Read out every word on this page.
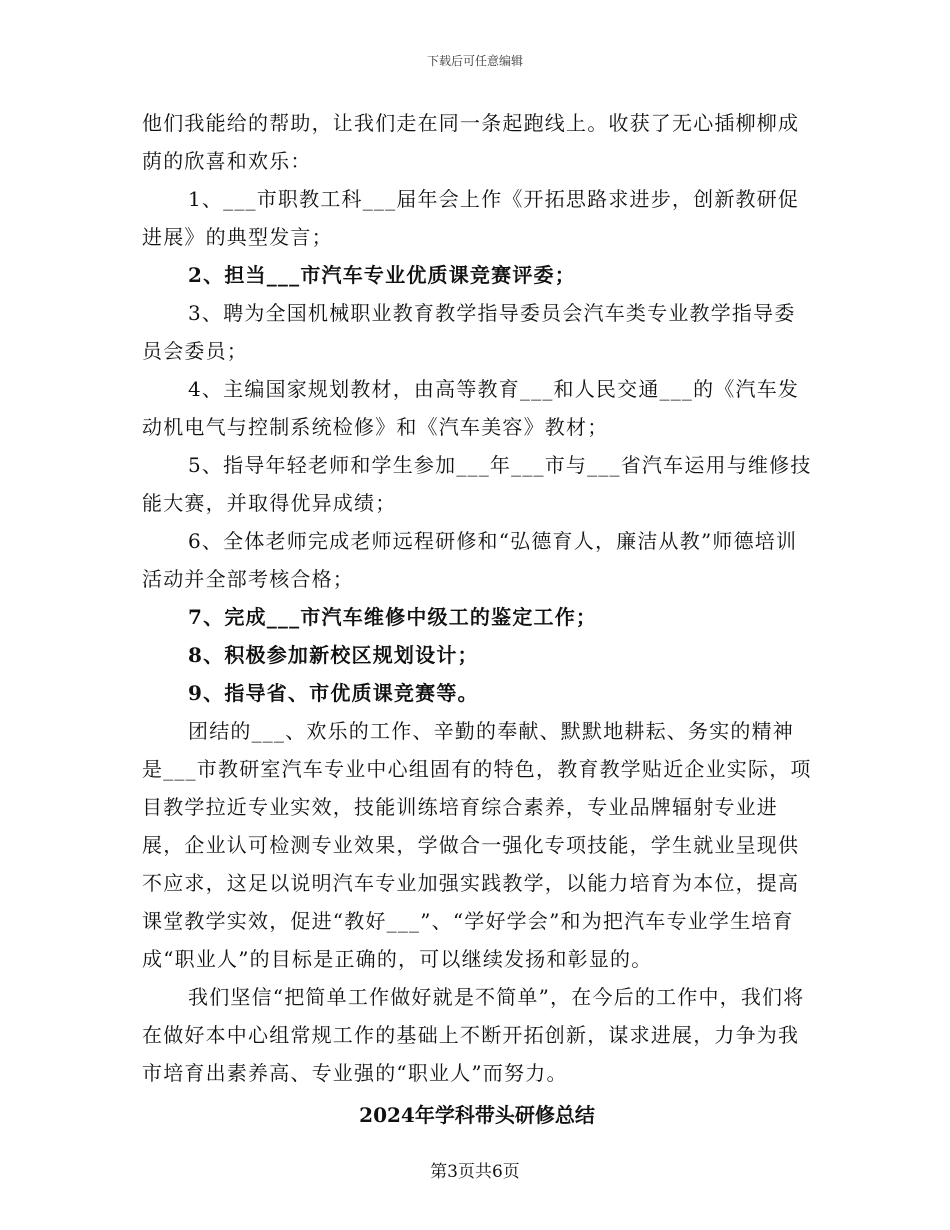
下载后可任意编辑

他们我能给的帮助，让我们走在同一条起跑线上。收获了无心插柳柳成荫的欣喜和欢乐：

1、___市职教工科___届年会上作《开拓思路求进步，创新教研促进展》的典型发言；

2、担当___市汽车专业优质课竞赛评委；

3、聘为全国机械职业教育教学指导委员会汽车类专业教学指导委员会委员；

4、主编国家规划教材，由高等教育___和人民交通___的《汽车发动机电气与控制系统检修》和《汽车美容》教材；

5、指导年轻老师和学生参加___年___市与___省汽车运用与维修技能大赛，并取得优异成绩；

6、全体老师完成老师远程研修和“弘德育人，廉洁从教”师德培训活动并全部考核合格；

7、完成___市汽车维修中级工的鉴定工作；

8、积极参加新校区规划设计；

9、指导省、市优质课竞赛等。

团结的___、欢乐的工作、辛勤的奉献、默默地耕耘、务实的精神是___市教研室汽车专业中心组固有的特色，教育教学贴近企业实际，项目教学拉近专业实效，技能训练培育综合素养，专业品牌辐射专业进展，企业认可检测专业效果，学做合一强化专项技能，学生就业呈现供不应求，这足以说明汽车专业加强实践教学，以能力培育为本位，提高课堂教学实效，促进“教好___”、“学好学会”和为把汽车专业学生培育成“职业人”的目标是正确的，可以继续发扬和彰显的。

我们坚信“把简单工作做好就是不简单”，在今后的工作中，我们将在做好本中心组常规工作的基础上不断开拓创新，谋求进展，力争为我市培育出素养高、专业强的“职业人”而努力。

2024年学科带头研修总结
第3页共6页
